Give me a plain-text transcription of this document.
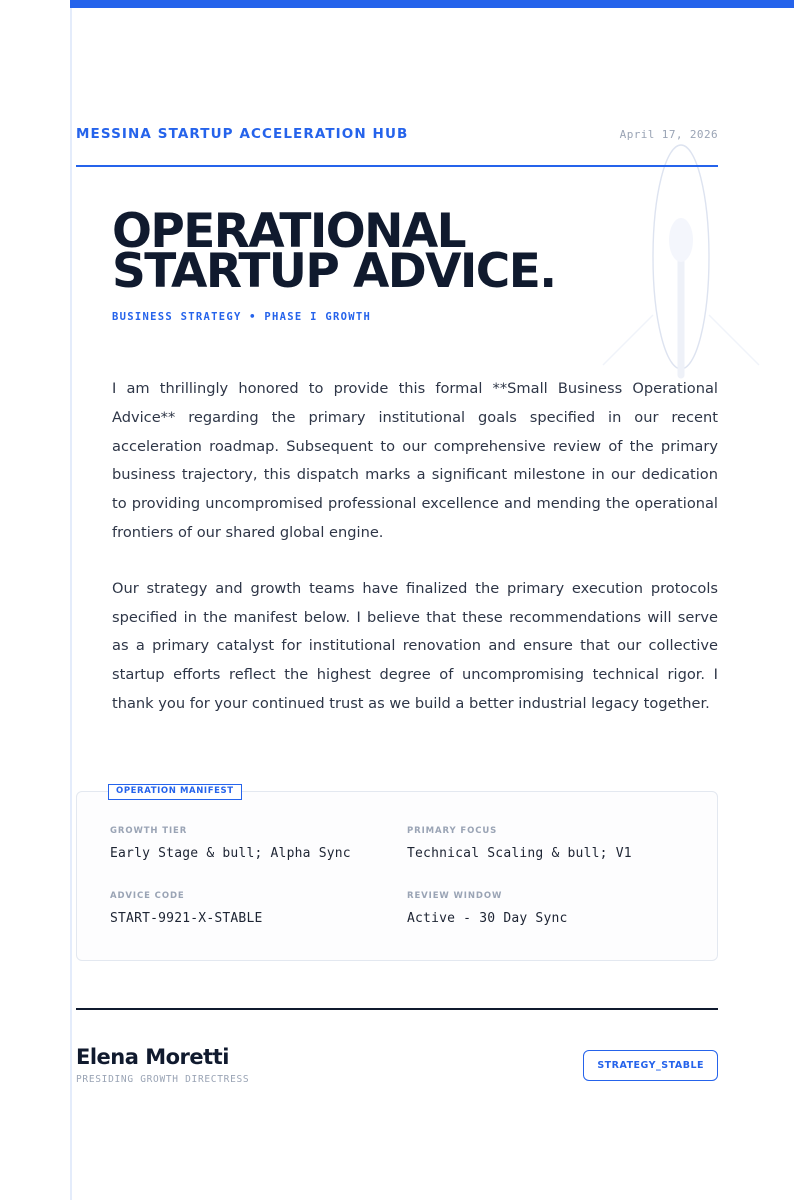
MESSINA STARTUP ACCELERATION HUB	April 17, 2026
OPERATIONAL
STARTUP ADVICE.
BUSINESS STRATEGY • PHASE I GROWTH

I am thrillingly honored to provide this formal **Small Business Operational Advice** regarding the primary institutional goals specified in our recent acceleration roadmap. Subsequent to our comprehensive review of the primary business trajectory, this dispatch marks a significant milestone in our dedication to providing uncompromised professional excellence and mending the operational frontiers of our shared global engine.

Our strategy and growth teams have finalized the primary execution protocols specified in the manifest below. I believe that these recommendations will serve as a primary catalyst for institutional renovation and ensure that our collective startup efforts reflect the highest degree of uncompromising technical rigor. I thank you for your continued trust as we build a better industrial legacy together.

OPERATION MANIFEST
GROWTH TIER
Early Stage & bull; Alpha Sync
PRIMARY FOCUS
Technical Scaling & bull; V1
ADVICE CODE
START-9921-X-STABLE
REVIEW WINDOW
Active - 30 Day Sync
Elena Moretti
PRESIDING GROWTH DIRECTRESS
STRATEGY_STABLE
